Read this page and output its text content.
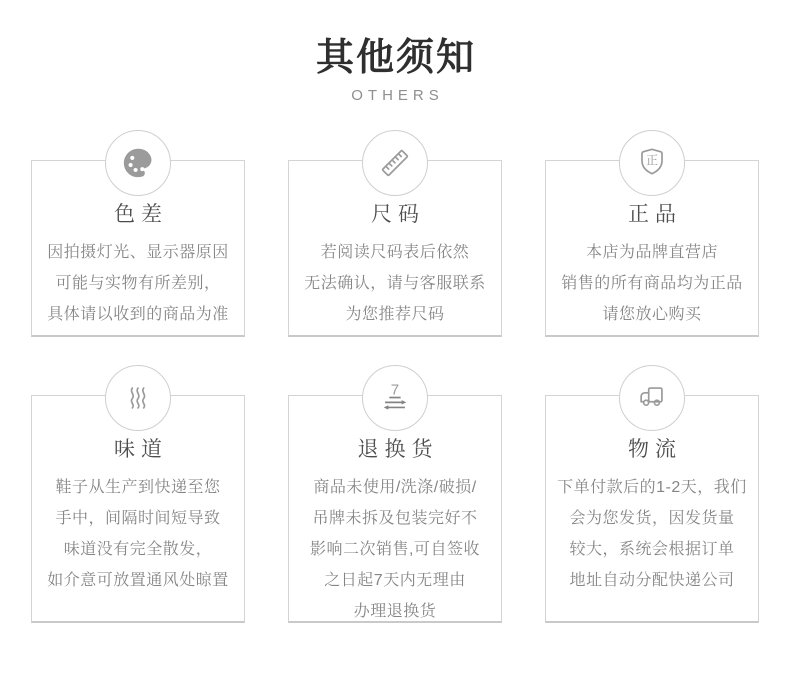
其他须知
OTHERS
色差

因拍摄灯光、显示器原因

可能与实物有所差别，

具体请以收到的商品为准

尺码

若阅读尺码表后依然

无法确认，请与客服联系

为您推荐尺码

正
正品

本店为品牌直营店

销售的所有商品均为正品

请您放心购买

味道

鞋子从生产到快递至您

手中，间隔时间短导致

味道没有完全散发，

如介意可放置通风处晾置

7
退换货

商品未使用/洗涤/破损/

吊牌未拆及包装完好不

影响二次销售,可自签收

之日起7天内无理由

办理退换货

物流

下单付款后的1-2天，我们

会为您发货，因发货量

较大，系统会根据订单

地址自动分配快递公司
